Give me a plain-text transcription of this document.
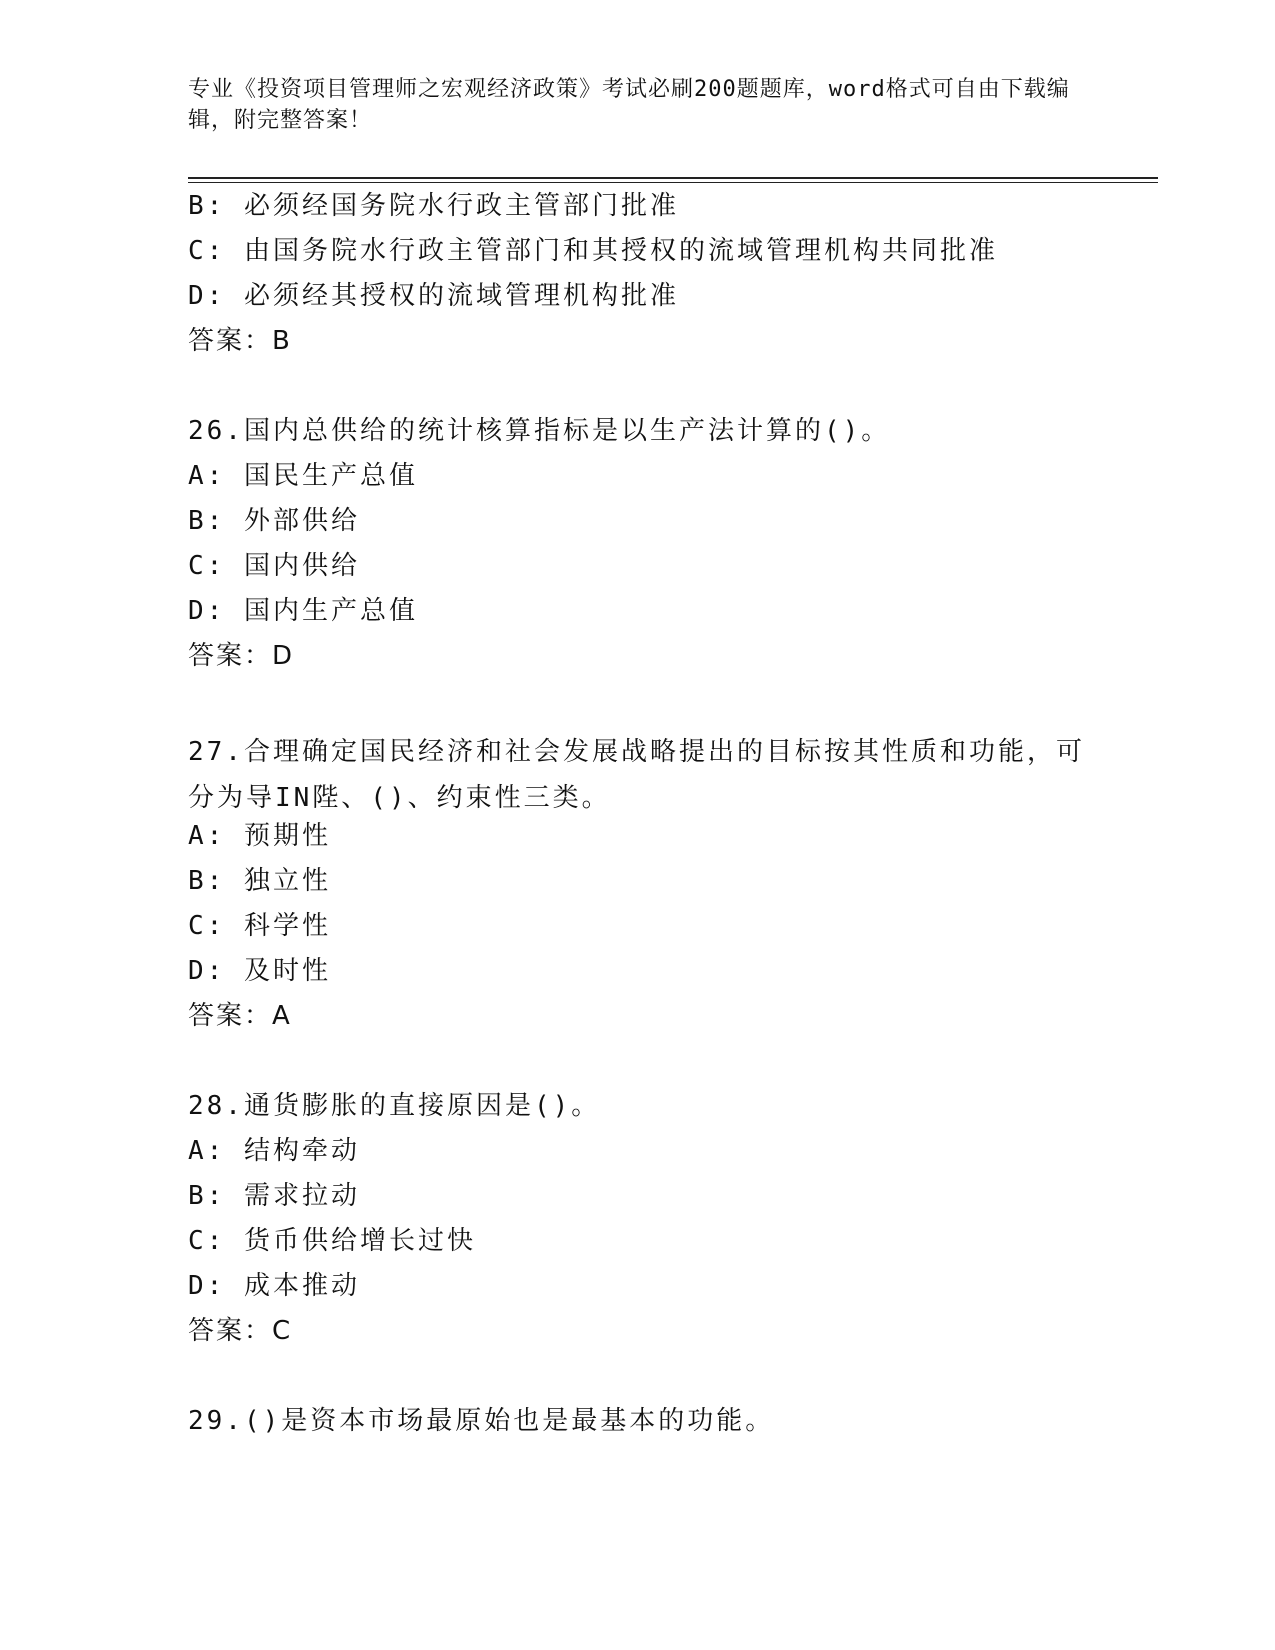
专业《投资项目管理师之宏观经济政策》考试必刷200题题库，word格式可自由下载编辑，附完整答案！
B: 必须经国务院水行政主管部门批准
C: 由国务院水行政主管部门和其授权的流域管理机构共同批准
D: 必须经其授权的流域管理机构批准
答案：B
26.国内总供给的统计核算指标是以生产法计算的()。
A: 国民生产总值
B: 外部供给
C: 国内供给
D: 国内生产总值
答案：D
27.合理确定国民经济和社会发展战略提出的目标按其性质和功能，可分为导IN陛、()、约束性三类。
A: 预期性
B: 独立性
C: 科学性
D: 及时性
答案：A
28.通货膨胀的直接原因是()。
A: 结构牵动
B: 需求拉动
C: 货币供给增长过快
D: 成本推动
答案：C
29.()是资本市场最原始也是最基本的功能。
